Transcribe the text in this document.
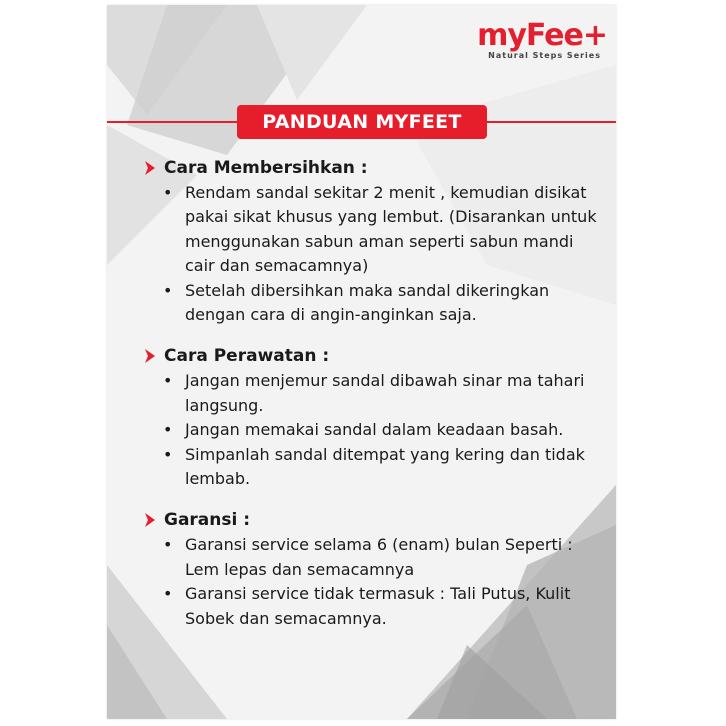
myFee+
Natural Steps Series
PANDUAN MYFEET
Cara Membersihkan :
• Rendam sandal sekitar 2 menit , kemudian disikat pakai sikat khusus yang lembut. (Disarankan untuk menggunakan sabun aman seperti sabun mandi cair dan semacamnya)
• Setelah dibersihkan maka sandal dikeringkan dengan cara di angin-anginkan saja.
Cara Perawatan :
• Jangan menjemur sandal dibawah sinar ma tahari langsung.
• Jangan memakai sandal dalam keadaan basah.
• Simpanlah sandal ditempat yang kering dan tidak lembab.
Garansi :
• Garansi service selama 6 (enam) bulan Seperti : Lem lepas dan semacamnya
• Garansi service tidak termasuk : Tali Putus, Kulit Sobek dan semacamnya.
